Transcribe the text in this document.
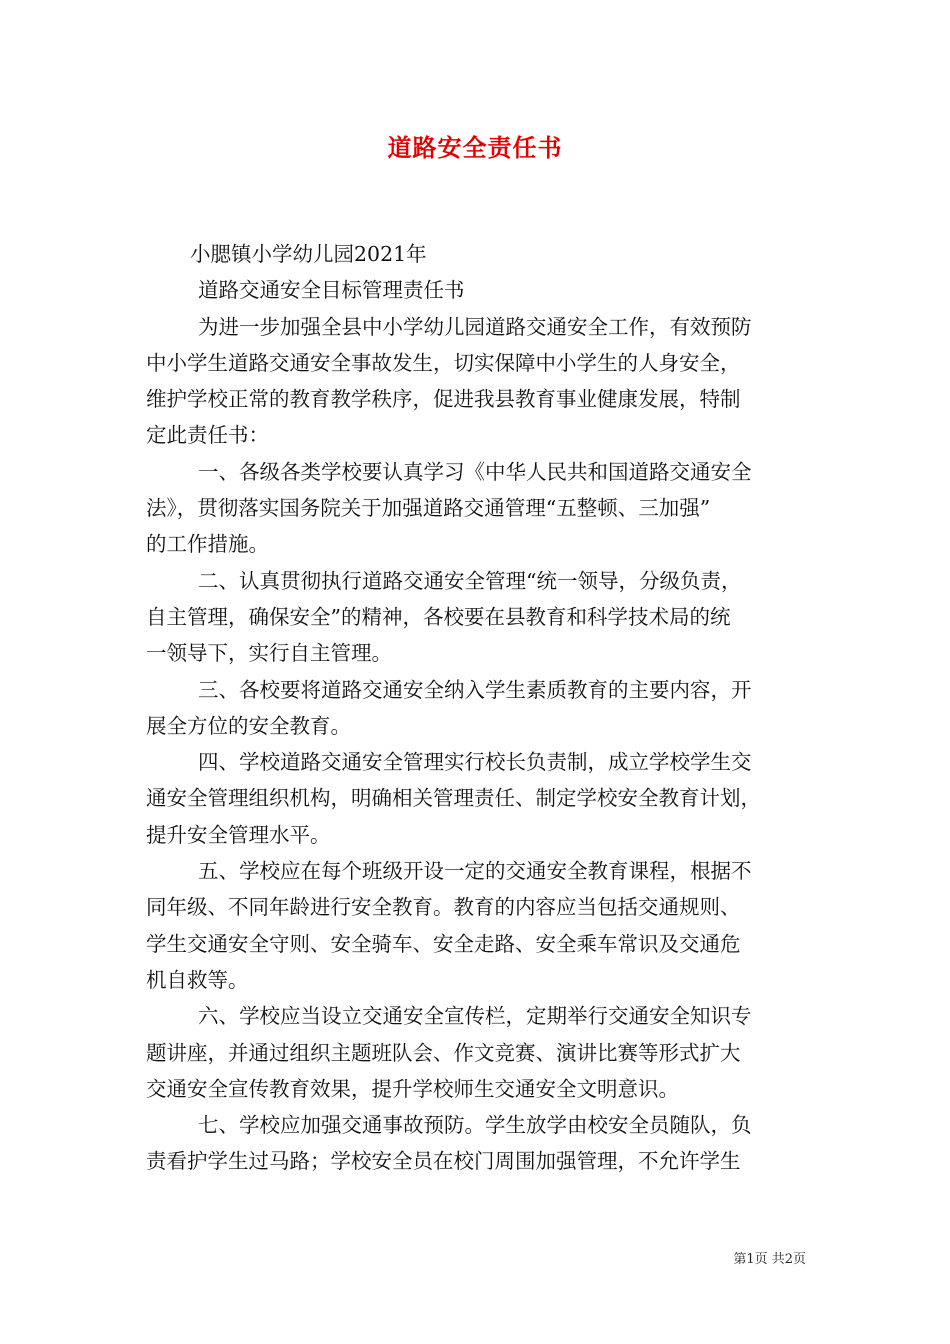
道路安全责任书
小腮镇小学幼儿园2021年
道路交通安全目标管理责任书
为进一步加强全县中小学幼儿园道路交通安全工作，有效预防
中小学生道路交通安全事故发生，切实保障中小学生的人身安全，
维护学校正常的教育教学秩序，促进我县教育事业健康发展，特制
定此责任书：
一、各级各类学校要认真学习《中华人民共和国道路交通安全
法》，贯彻落实国务院关于加强道路交通管理“五整顿、三加强”
的工作措施。
二、认真贯彻执行道路交通安全管理“统一领导，分级负责，
自主管理，确保安全”的精神，各校要在县教育和科学技术局的统
一领导下，实行自主管理。
三、各校要将道路交通安全纳入学生素质教育的主要内容，开
展全方位的安全教育。
四、学校道路交通安全管理实行校长负责制，成立学校学生交
通安全管理组织机构，明确相关管理责任、制定学校安全教育计划，
提升安全管理水平。
五、学校应在每个班级开设一定的交通安全教育课程，根据不
同年级、不同年龄进行安全教育。教育的内容应当包括交通规则、
学生交通安全守则、安全骑车、安全走路、安全乘车常识及交通危
机自救等。
六、学校应当设立交通安全宣传栏，定期举行交通安全知识专
题讲座，并通过组织主题班队会、作文竞赛、演讲比赛等形式扩大
交通安全宣传教育效果，提升学校师生交通安全文明意识。
七、学校应加强交通事故预防。学生放学由校安全员随队，负
责看护学生过马路；学校安全员在校门周围加强管理，不允许学生
第1页 共2页
